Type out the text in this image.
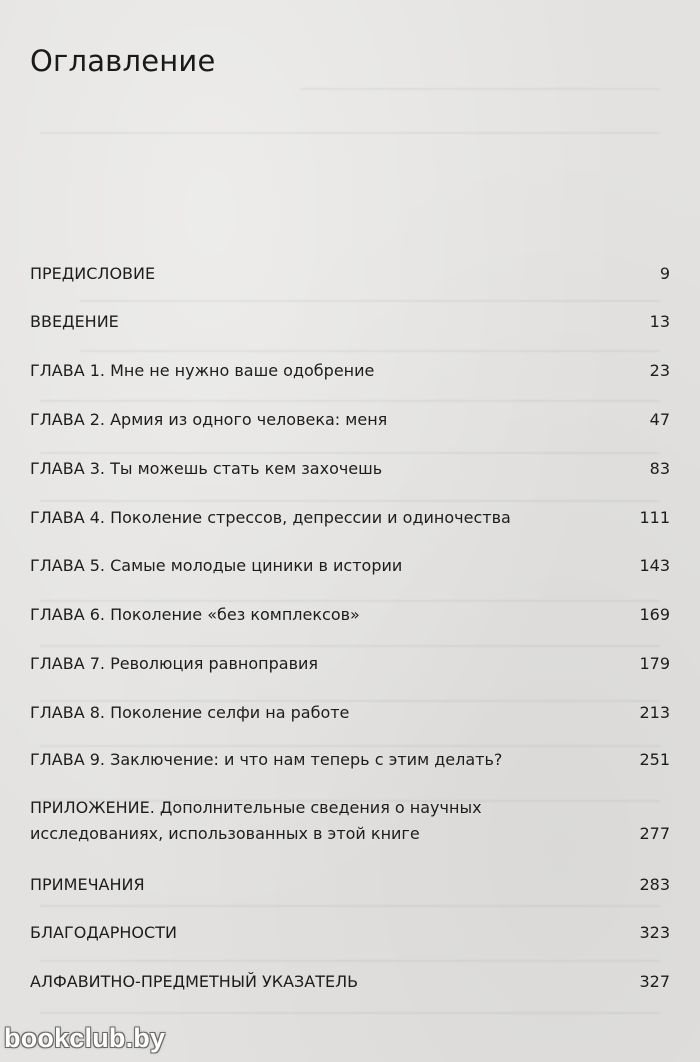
Оглавление
ПРЕДИСЛОВИЕ	9
ВВЕДЕНИЕ	13
ГЛАВА 1. Мне не нужно ваше одобрение	23
ГЛАВА 2. Армия из одного человека: меня	47
ГЛАВА 3. Ты можешь стать кем захочешь	83
ГЛАВА 4. Поколение стрессов, депрессии и одиночества	111
ГЛАВА 5. Самые молодые циники в истории	143
ГЛАВА 6. Поколение «без комплексов»	169
ГЛАВА 7. Революция равноправия	179
ГЛАВА 8. Поколение селфи на работе	213
ГЛАВА 9. Заключение: и что нам теперь с этим делать?	251
ПРИЛОЖЕНИЕ. Дополнительные сведения о научных исследованиях, использованных в этой книге	277
ПРИМЕЧАНИЯ	283
БЛАГОДАРНОСТИ	323
АЛФАВИТНО-ПРЕДМЕТНЫЙ УКАЗАТЕЛЬ	327
bookclub.by
